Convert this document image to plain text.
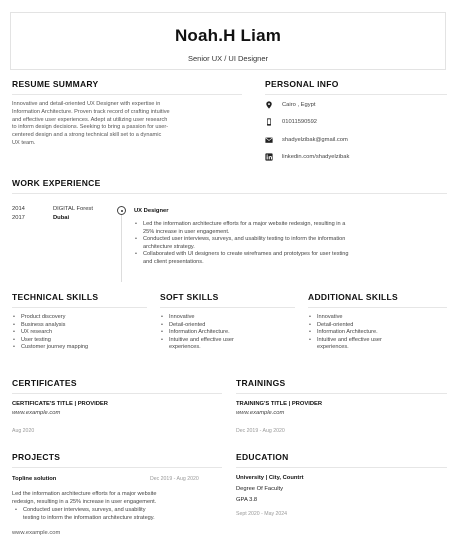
Noah.H Liam
Senior UX / UI Designer
RESUME SUMMARY
Innovative and detail-oriented UX Designer with expertise in
Information Architecture. Proven track record of crafting intuitive
and effective user experiences. Adept at utilizing user research
to inform design decisions. Seeking to bring a passion for user-
centered design and a strong technical skill set to a dynamic
UX team.
PERSONAL INFO
Cairo , Egypt
01011590592
shadyelzibak@gmail.com
linkedin.com/shadyelzibak
WORK EXPERIENCE
2014
2017
DIGITAL Forest
Dubai
UX Designer
• Led the information architecture efforts for a major website redesign, resulting in a
25% increase in user engagement.
• Conducted user interviews, surveys, and usability testing to inform the information
architecture strategy.
• Collaborated with UI designers to create wireframes and prototypes for user testing
and client presentations.
TECHNICAL SKILLS
• Product discovery
• Business analysis
• UX research
• User testing
• Customer journey mapping
SOFT SKILLS
• Innovative
• Detail-oriented
• Information Architecture.
• Intuitive and effective user
experiences.
ADDITIONAL SKILLS
• Innovative
• Detail-oriented
• Information Architecture.
• Intuitive and effective user
experiences.
CERTIFICATES
CERTIFICATE'S TITLE | PROVIDER
www.example.com
Aug 2020
TRAININGS
TRAINING'S TITLE | PROVIDER
www.example.com
Dec 2019 - Aug 2020
PROJECTS
Topline solution	Dec 2019 - Aug 2020
Led the information architecture efforts for a major website
redesign, resulting in a 25% increase in user engagement.
• Conducted user interviews, surveys, and usability
testing to inform the information architecture strategy.
www.example.com
EDUCATION
University | City, Countrt
Degree Of Faculty
GPA 3.8
Sept 2020 - May 2024
